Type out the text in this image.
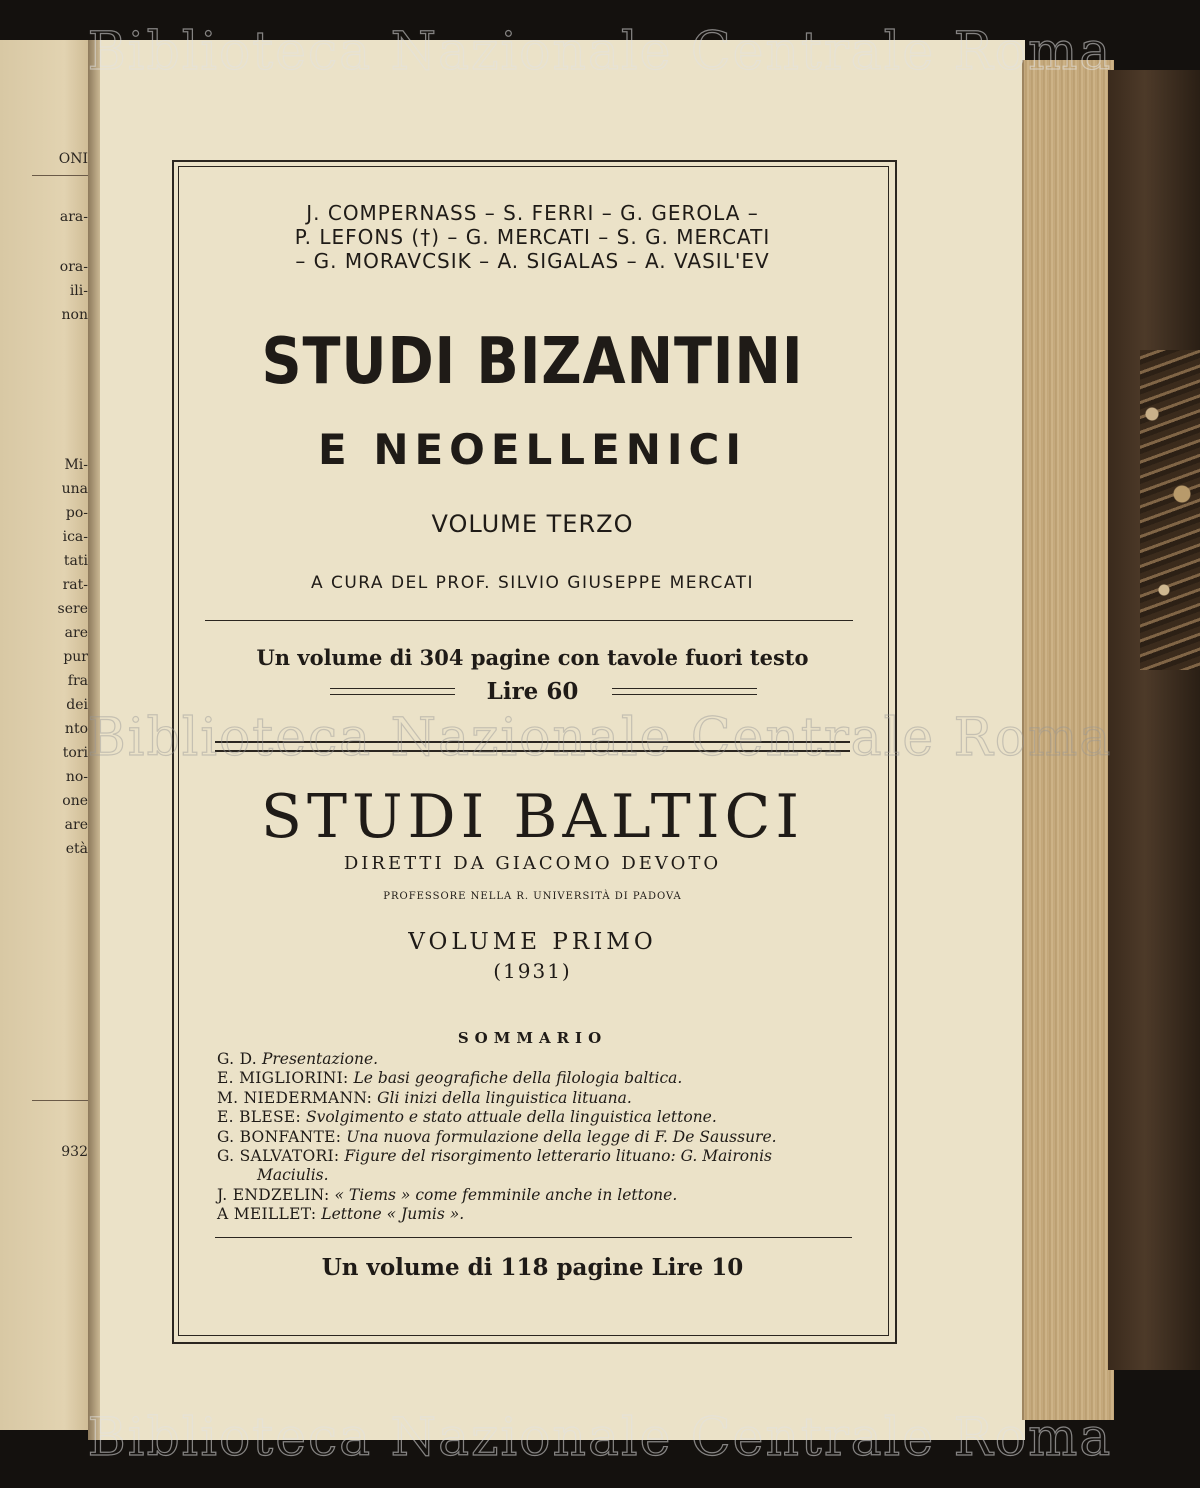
ONI
ara-
ora-
ili-
non
Mi-
una
po-
ica-
tati
rat-
sere
are
pur
fra
dei
nto
tori
no-
one
are
età
932
J. COMPERNASS – S. FERRI – G. GEROLA –
P. LEFONS (†) – G. MERCATI – S. G. MERCATI
– G. MORAVCSIK – A. SIGALAS – A. VASIL'EV
STUDI BIZANTINI
E NEOELLENICI
VOLUME TERZO
A CURA DEL PROF. SILVIO GIUSEPPE MERCATI
Un volume di 304 pagine con tavole fuori testo
Lire 60
STUDI BALTICI
DIRETTI DA GIACOMO DEVOTO
PROFESSORE NELLA R. UNIVERSITÀ DI PADOVA
VOLUME PRIMO
(1931)
SOMMARIO
G. D. Presentazione.
E. MIGLIORINI: Le basi geografiche della filologia baltica.
M. NIEDERMANN: Gli inizi della linguistica lituana.
E. BLESE: Svolgimento e stato attuale della linguistica lettone.
G. BONFANTE: Una nuova formulazione della legge di F. De Saussure.
G. SALVATORI: Figure del risorgimento letterario lituano: G. Maironis
Maciulis.
J. ENDZELIN: « Tiems » come femminile anche in lettone.
A MEILLET: Lettone « Jumis ».
Un volume di 118 pagine Lire 10
Biblioteca Nazionale Centrale Roma
Biblioteca Nazionale Centrale Roma
Biblioteca Nazionale Centrale Roma
